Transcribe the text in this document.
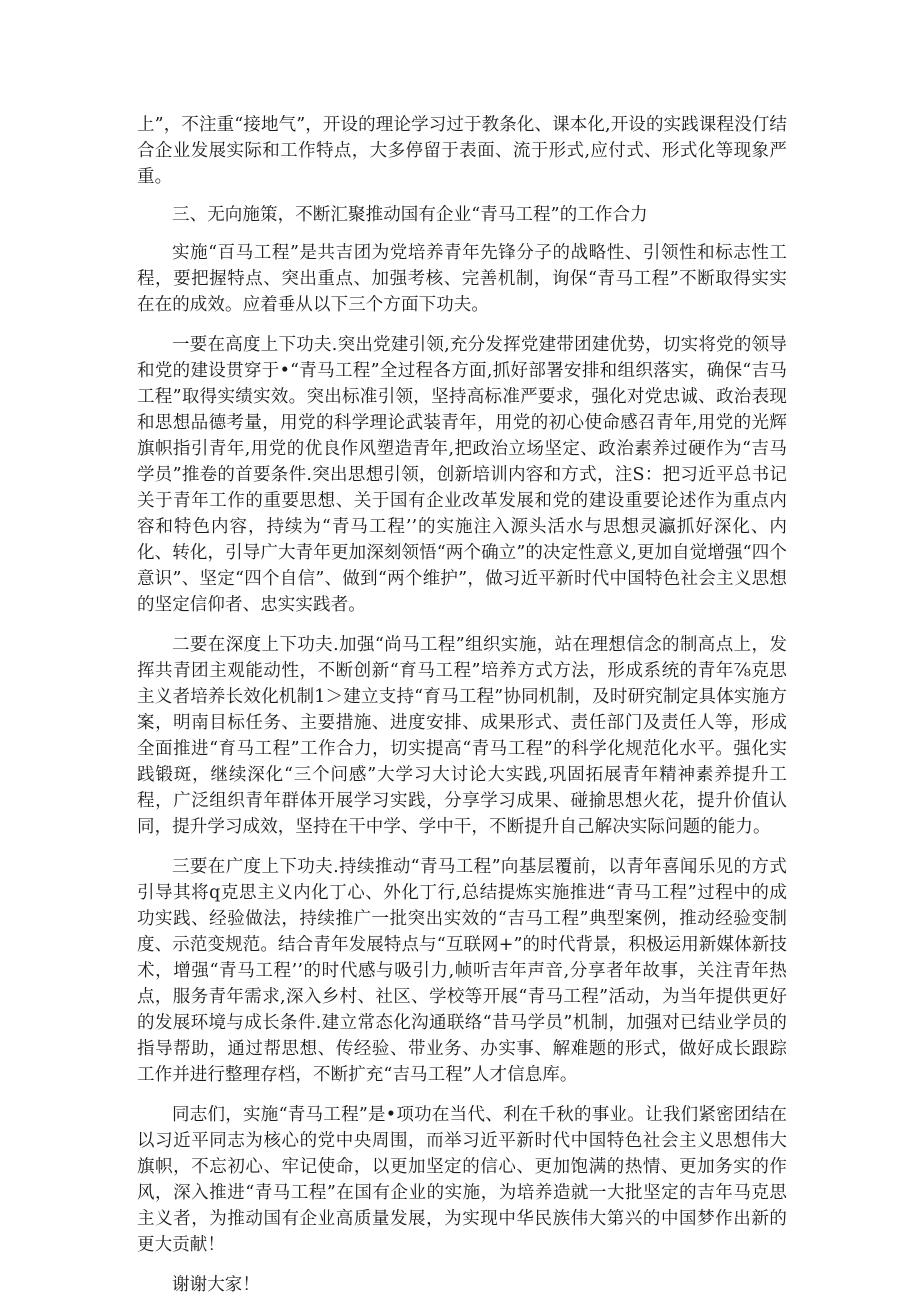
上”，不注重“接地气”，开设的理论学习过于教条化、课本化,开设的实践课程没仃结合企业发展实际和工作特点，大多停留于表面、流于形式,应付式、形式化等现象严重。

三、无向施策，不断汇聚推动国有企业“青马工程”的工作合力

实施“百马工程”是共吉团为党培养青年先锋分子的战略性、引领性和标志性工程，要把握特点、突出重点、加强考核、完善机制，询保“青马工程”不断取得实实在在的成效。应着垂从以下三个方面下功夫。

一要在高度上下功夫.突出党建引领,充分发挥党建带团建优势，切实将党的领导和党的建设贯穿于•“青马工程”全过程各方面,抓好部署安排和组织落实，确保“吉马工程”取得实绩实效。突出标准引领，坚持高标准严要求，强化对党忠诚、政治表现和思想品德考量，用党的科学理论武装青年，用党的初心使命感召青年,用党的光辉旗帜指引青年,用党的优良作风塑造青年,把政治立场坚定、政治素养过硬作为“吉马学员”推卷的首要条件.突出思想引领，创新培训内容和方式，注S：把习近平总书记关于青年工作的重要思想、关于国有企业改革发展和党的建设重要论述作为重点内容和特色内容，持续为“青马工程’’的实施注入源头活水与思想灵瀛抓好深化、内化、转化，引导广大青年更加深刻领悟“两个确立”的决定性意义,更加自觉增强“四个意识”、坚定“四个自信”、做到“两个维护”，做习近平新时代中国特色社会主义思想的坚定信仰者、忠实实践者。

二要在深度上下功夫.加强“尚马工程”组织实施，站在理想信念的制高点上，发挥共青团主观能动性，不断创新“育马工程”培养方式方法，形成系统的青年⅞克思主义者培养长效化机制1＞建立支持“育马工程”协同机制，及时研究制定具体实施方案，明南目标任务、主要措施、进度安排、成果形式、责任部门及责任人等，形成全面推进“育马工程”工作合力，切实提高“青马工程”的科学化规范化水平。强化实践锻斑，继续深化“三个问感”大学习大讨论大实践,巩固拓展青年精神素养提升工程，广泛组织青年群体开展学习实践，分享学习成果、碰揄思想火花，提升价值认同，提升学习成效，坚持在干中学、学中干，不断提升自己解决实际问题的能力。

三要在广度上下功夫.持续推动“青马工程”向基层覆前，以青年喜闻乐见的方式引导其将q克思主义内化丁心、外化丁行,总结提炼实施推进“青马工程”过程中的成功实践、经验做法，持续推广一批突出实效的“吉马工程”典型案例，推动经验变制度、示范变规范。结合青年发展特点与“互联网+”的时代背景，积极运用新媒体新技术，增强“青马工程’’的时代感与吸引力,帧听吉年声音,分享者年故事，关注青年热点，服务青年需求,深入乡村、社区、学校等开展“青马工程”活动，为当年提供更好的发展环境与成长条件.建立常态化沟通联络“昔马学员”机制，加强对已结业学员的指导帮助，通过帮思想、传经验、带业务、办实事、解难题的形式，做好成长跟踪工作并进行整理存档，不断扩充“吉马工程”人才信息库。

同志们，实施“青马工程”是•项功在当代、利在千秋的事业。让我们紧密团结在以习近平同志为核心的党中央周围，而举习近平新时代中国特色社会主义思想伟大旗帜，不忘初心、牢记使命，以更加坚定的信心、更加饱满的热情、更加务实的作风，深入推进“青马工程”在国有企业的实施，为培养造就一大批坚定的吉年马克思主义者，为推动国有企业高质量发展，为实现中华民族伟大第兴的中国梦作出新的更大贡献！

谢谢大家！
